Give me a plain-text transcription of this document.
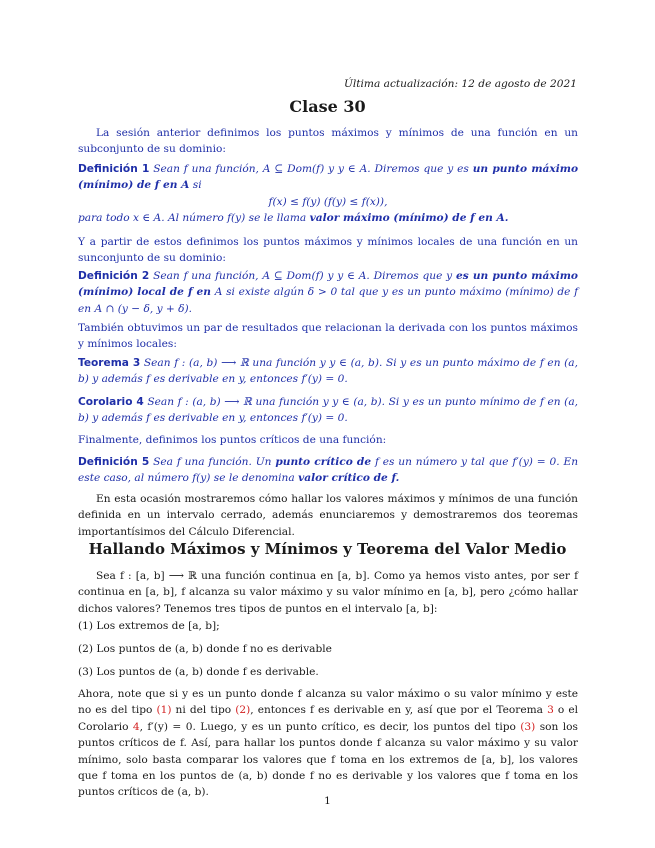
Última actualización: 12 de agosto de 2021
Clase 30
La sesión anterior definimos los puntos máximos y mínimos de una función en un subconjunto de su dominio:

Definición 1 Sean f una función, A ⊆ Dom(f) y y ∈ A. Diremos que y es un punto máximo (mínimo) de f en A si

f(x) ≤ f(y) (f(y) ≤ f(x)),

para todo x ∈ A. Al número f(y) se le llama valor máximo (mínimo) de f en A.

Y a partir de estos definimos los puntos máximos y mínimos locales de una función en un sunconjunto de su dominio:
Definición 2 Sean f una función, A ⊆ Dom(f) y y ∈ A. Diremos que y es un punto máximo (mínimo) local de f en A si existe algún δ > 0 tal que y es un punto máximo (mínimo) de f en A ∩ (y − δ, y + δ).
También obtuvimos un par de resultados que relacionan la derivada con los puntos máximos y mínimos locales:
Teorema 3 Sean f : (a, b) ⟶ ℝ una función y y ∈ (a, b). Si y es un punto máximo de f en (a, b) y además f es derivable en y, entonces f′(y) = 0.
Corolario 4 Sean f : (a, b) ⟶ ℝ una función y y ∈ (a, b). Si y es un punto mínimo de f en (a, b) y además f es derivable en y, entonces f′(y) = 0.
Finalmente, definimos los puntos críticos de una función:
Definición 5 Sea f una función. Un punto crítico de f es un número y tal que f′(y) = 0. En este caso, al número f(y) se le denomina valor crítico de f.
En esta ocasión mostraremos cómo hallar los valores máximos y mínimos de una función definida en un intervalo cerrado, además enunciaremos y demostraremos dos teoremas importantísimos del Cálculo Diferencial.
Hallando Máximos y Mínimos y Teorema del Valor Medio
Sea f : [a, b] ⟶ ℝ una función continua en [a, b]. Como ya hemos visto antes, por ser f continua en [a, b], f alcanza su valor máximo y su valor mínimo en [a, b], pero ¿cómo hallar dichos valores? Tenemos tres tipos de puntos en el intervalo [a, b]:
(1) Los extremos de [a, b];
(2) Los puntos de (a, b) donde f no es derivable
(3) Los puntos de (a, b) donde f es derivable.
Ahora, note que si y es un punto donde f alcanza su valor máximo o su valor mínimo y este no es del tipo (1) ni del tipo (2), entonces f es derivable en y, así que por el Teorema 3 o el Corolario 4, f′(y) = 0. Luego, y es un punto crítico, es decir, los puntos del tipo (3) son los puntos críticos de f. Así, para hallar los puntos donde f alcanza su valor máximo y su valor mínimo, solo basta comparar los valores que f toma en los extremos de [a, b], los valores que f toma en los puntos de (a, b) donde f no es derivable y los valores que f toma en los puntos críticos de (a, b).
1
